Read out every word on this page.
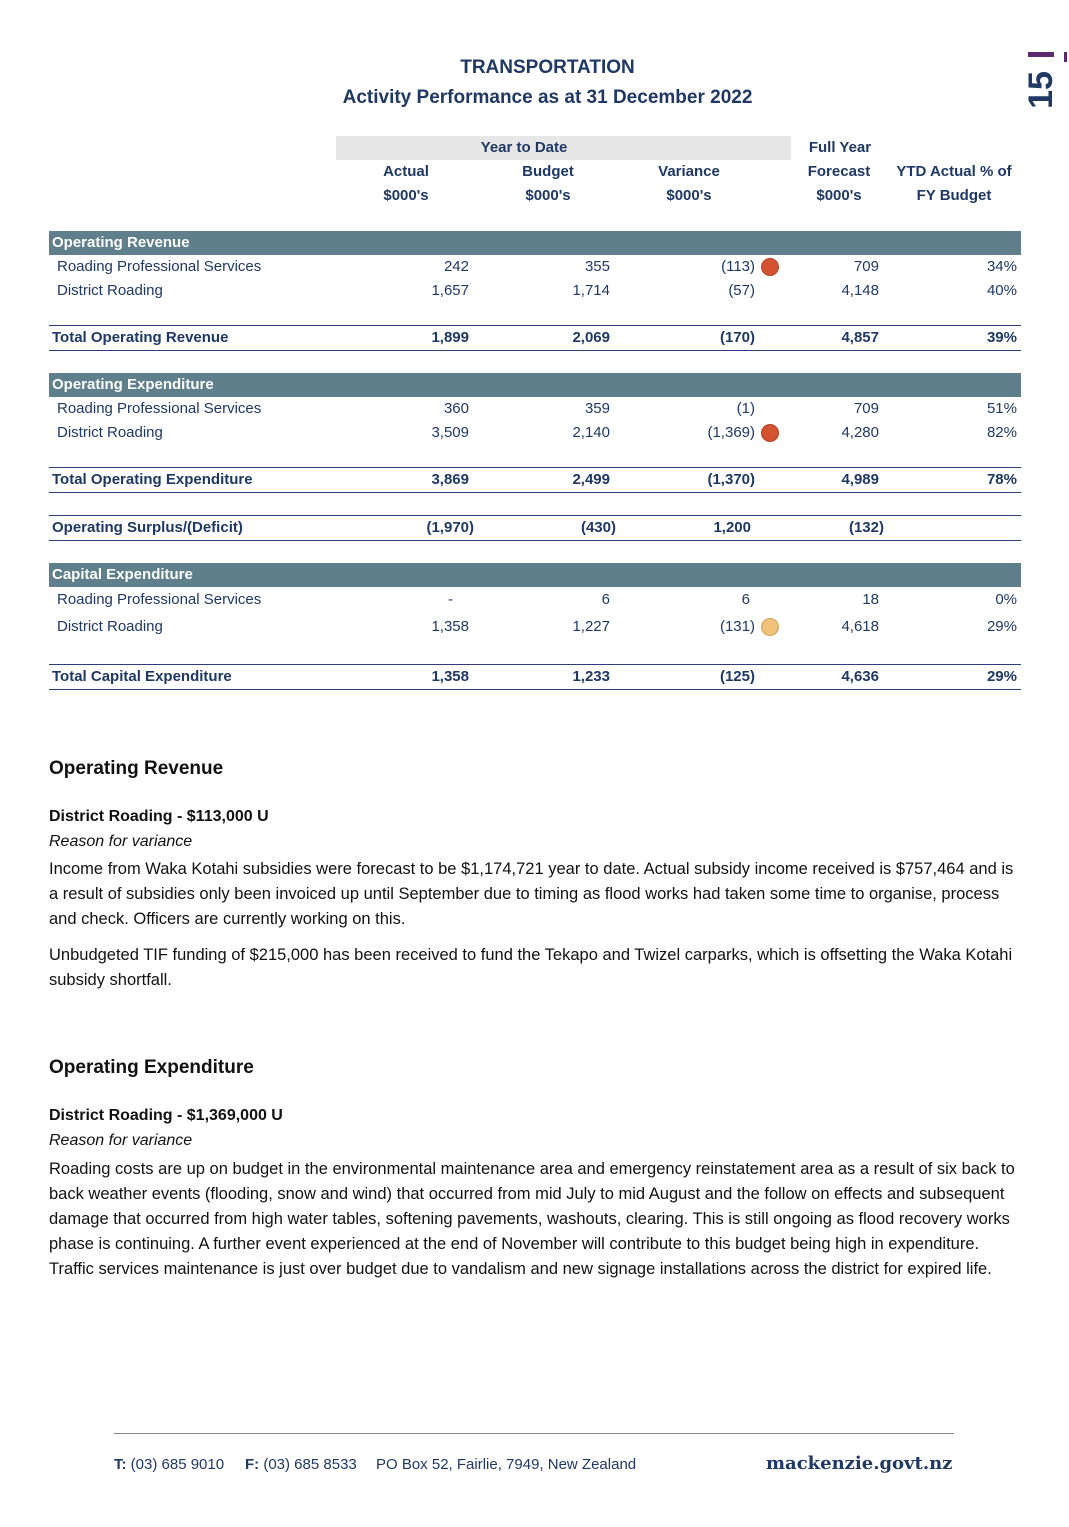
15
TRANSPORTATION
Activity Performance as at 31 December 2022
Year to Date	Full Year
Actual
$000's
Budget
$000's
Variance
$000's
Forecast
$000's
YTD Actual % of
FY Budget
Operating Revenue
Roading Professional Services	242	355	(113)	709	34%
District Roading	1,657	1,714	(57)	4,148	40%
Total Operating Revenue	1,899	2,069	(170)	4,857	39%
Operating Expenditure
Roading Professional Services	360	359	(1)	709	51%
District Roading	3,509	2,140	(1,369)	4,280	82%
Total Operating Expenditure	3,869	2,499	(1,370)	4,989	78%
Operating Surplus/(Deficit)	(1,970)	(430)	1,200	(132)
Capital Expenditure
Roading Professional Services	-	6	6	18	0%
District Roading	1,358	1,227	(131)	4,618	29%
Total Capital Expenditure	1,358	1,233	(125)	4,636	29%
Operating Revenue
District Roading - $113,000 U
Reason for variance

Income from Waka Kotahi subsidies were forecast to be $1,174,721 year to date. Actual subsidy income received is $757,464 and is a result of subsidies only been invoiced up until September due to timing as flood works had taken some time to organise, process and check. Officers are currently working on this.

Unbudgeted TIF funding of $215,000 has been received to fund the Tekapo and Twizel carparks, which is offsetting the Waka Kotahi subsidy shortfall.

Operating Expenditure
District Roading - $1,369,000 U
Reason for variance

Roading costs are up on budget in the environmental maintenance area and emergency reinstatement area as a result of six back to back weather events (flooding, snow and wind) that occurred from mid July to mid August and the follow on effects and subsequent damage that occurred from high water tables, softening pavements, washouts, clearing. This is still ongoing as flood recovery works phase is continuing. A further event experienced at the end of November will contribute to this budget being high in expenditure. Traffic services maintenance is just over budget due to vandalism and new signage installations across the district for expired life.

T: (03) 685 9010 F: (03) 685 8533 PO Box 52, Fairlie, 7949, New Zealand	mackenzie.govt.nz
